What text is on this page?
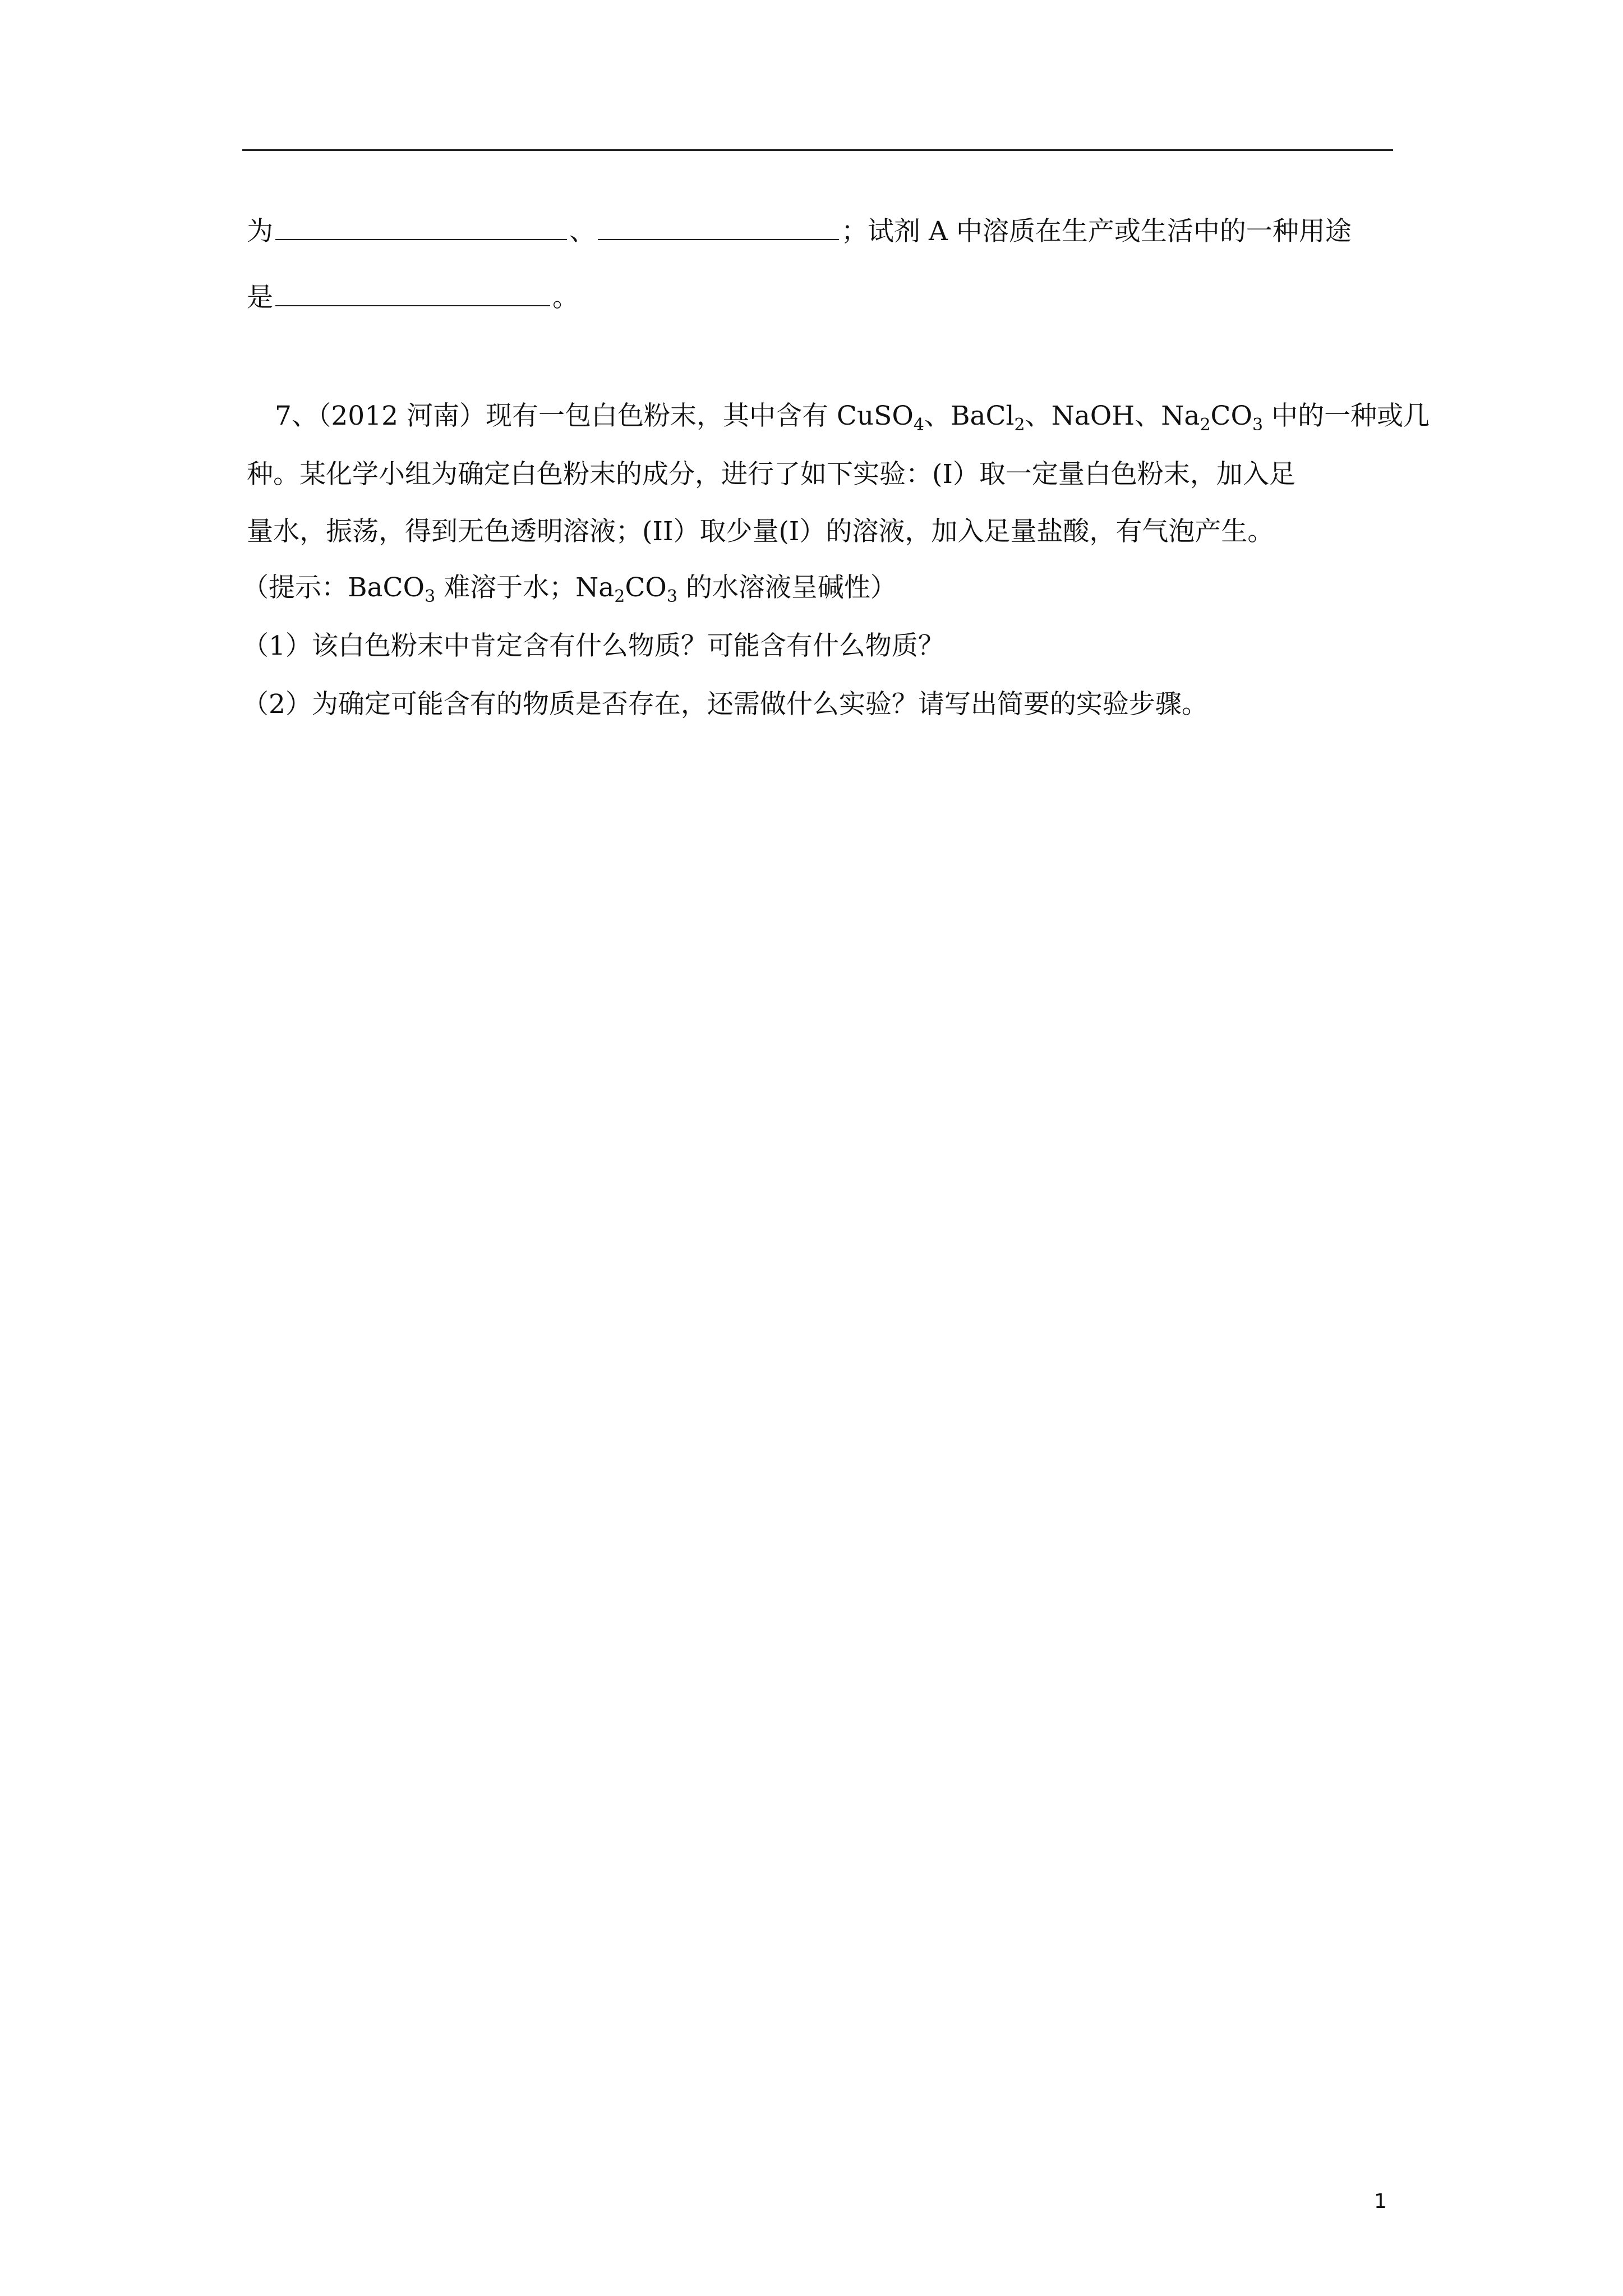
为	、	；试剂 A 中溶质在生产或生活中的一种用途
是	。
7、（2012 河南）现有一包白色粉末，其中含有 CuSO$_4$、BaCl$_2$、NaOH、$Na_2CO_3$ 中的一种或几
种。某化学小组为确定白色粉末的成分，进行了如下实验：(I）取一定量白色粉末，加入足
量水，振荡，得到无色透明溶液；(II）取少量(I）的溶液，加入足量盐酸，有气泡产生。
（提示：BaCO$_3$ 难溶于水；$Na_2CO_3$ 的水溶液呈碱性）
（1）该白色粉末中肯定含有什么物质？可能含有什么物质？
（2）为确定可能含有的物质是否存在，还需做什么实验？请写出简要的实验步骤。
1
